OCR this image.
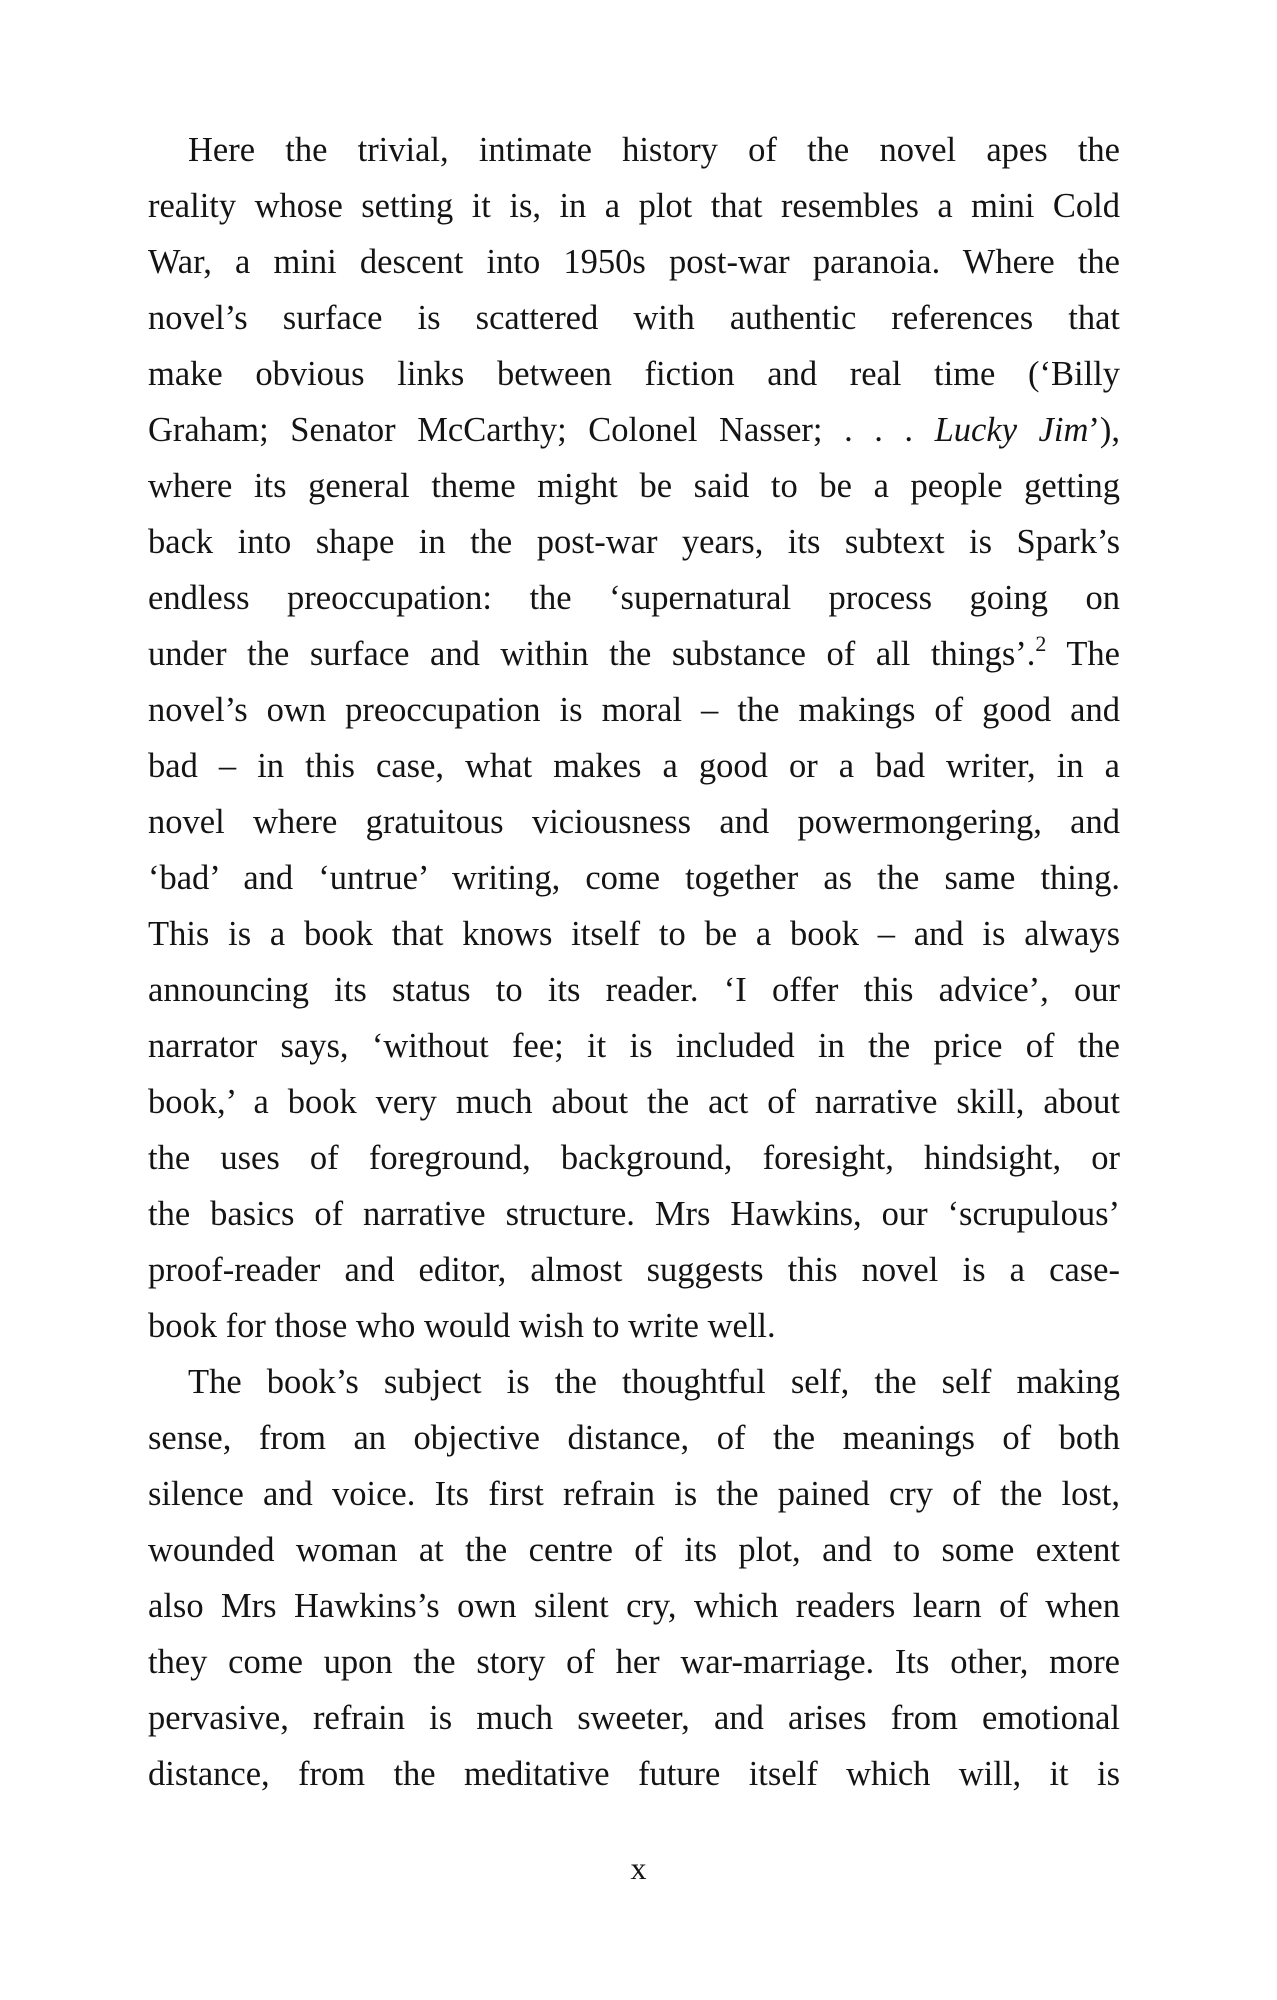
Here the trivial, intimate history of the novel apes the
reality whose setting it is, in a plot that resembles a mini Cold
War, a mini descent into 1950s post-war paranoia. Where the
novel’s surface is scattered with authentic references that
make obvious links between fiction and real time (‘Billy
Graham; Senator McCarthy; Colonel Nasser; . . . Lucky Jim’),
where its general theme might be said to be a people getting
back into shape in the post-war years, its subtext is Spark’s
endless preoccupation: the ‘supernatural process going on
under the surface and within the substance of all things’.$^2$ The
novel’s own preoccupation is moral – the makings of good and
bad – in this case, what makes a good or a bad writer, in a
novel where gratuitous viciousness and powermongering, and
‘bad’ and ‘untrue’ writing, come together as the same thing.
This is a book that knows itself to be a book – and is always
announcing its status to its reader. ‘I offer this advice’, our
narrator says, ‘without fee; it is included in the price of the
book,’ a book very much about the act of narrative skill, about
the uses of foreground, background, foresight, hindsight, or
the basics of narrative structure. Mrs Hawkins, our ‘scrupulous’
proof-reader and editor, almost suggests this novel is a case-
book for those who would wish to write well.
The book’s subject is the thoughtful self, the self making
sense, from an objective distance, of the meanings of both
silence and voice. Its first refrain is the pained cry of the lost,
wounded woman at the centre of its plot, and to some extent
also Mrs Hawkins’s own silent cry, which readers learn of when
they come upon the story of her war-marriage. Its other, more
pervasive, refrain is much sweeter, and arises from emotional
distance, from the meditative future itself which will, it is
x
